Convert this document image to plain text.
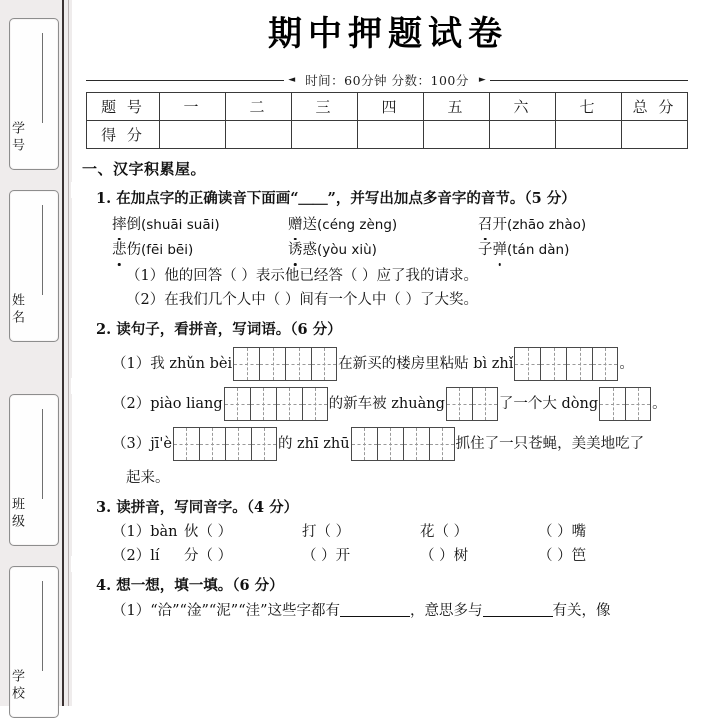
学号
姓名
班级
学校
期中押题试卷
◄ 时间：60分钟 分数：100分	►
题 号	一	二	三	四	五	六	七	总 分
得 分								
一、汉字积累屋。
1. 在加点字的正确读音下面画“＿＿”，并写出加点多音字的音节。（5 分）
摔倒(shuāi suāi)	赠送(céng zèng)	召开(zhāo zhào)
悲伤(fēi bēi)	诱惑(yòu xiù)	子弹(tán dàn)
（1）他的回答（ ）表示他已经答（ ）应了我的请求。
（2）在我们几个人中（ ）间有一个人中（ ）了大奖。
2. 读句子，看拼音，写词语。（6 分）
（1）我 zhǔn bèi	在新买的楼房里粘贴 bì zhǐ	。
（2）piào liang	的新车被 zhuàng	了一个大 dòng	。
（3）jī'è	的 zhī zhū	抓住了一只苍蝇，美美地吃了
起来。
3. 读拼音，写同音字。（4 分）
（1）bàn 伙（ ）	打（ ）	花（ ）	（ ）嘴
（2）lí	分（ ）	（ ）开	（ ）树	（ ）笆
4. 想一想，填一填。（6 分）
（1）“洽”“淦”“泥”“洼”这些字都有	，意思多与	有关，像
